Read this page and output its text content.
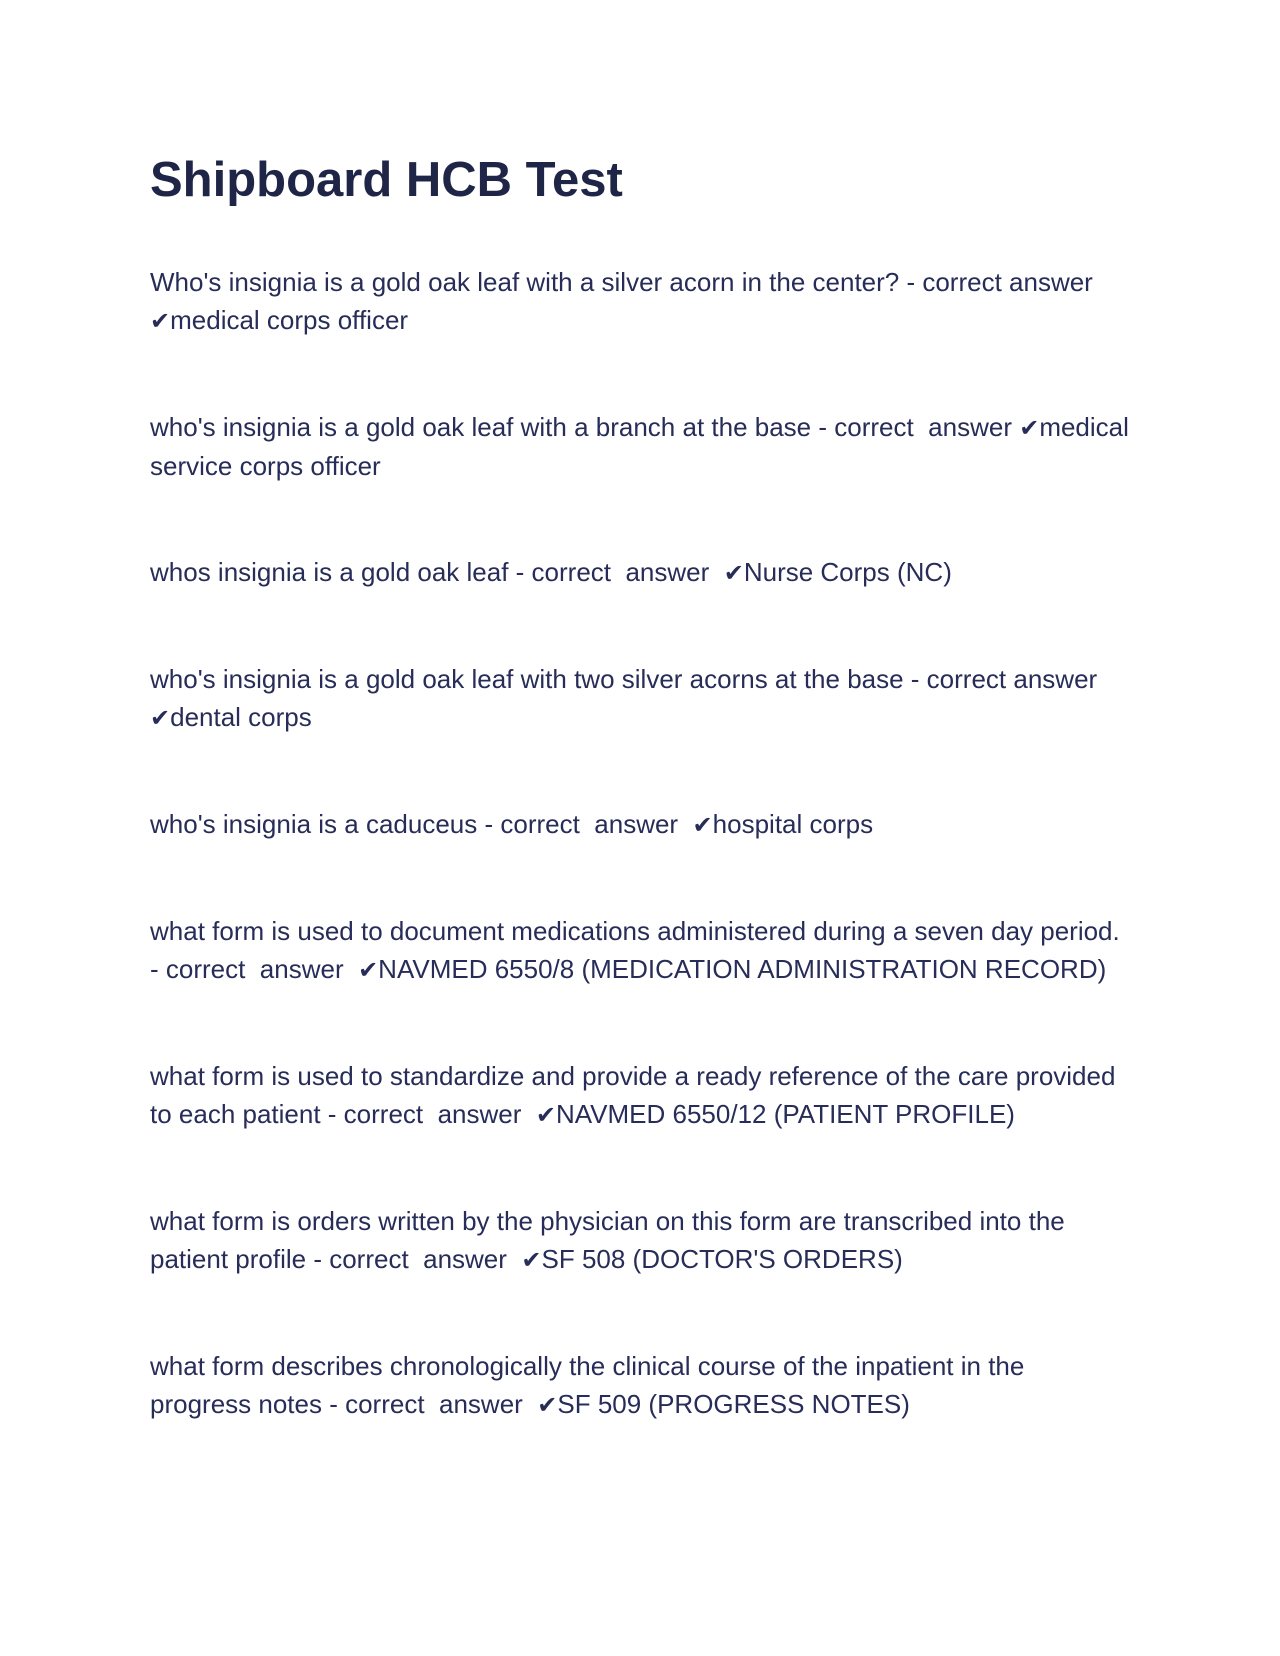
Shipboard HCB Test

Who's insignia is a gold oak leaf with a silver acorn in the center? - correct answer  ✔medical corps officer

who's insignia is a gold oak leaf with a branch at the base - correct  answer ✔medical service corps officer

whos insignia is a gold oak leaf - correct  answer  ✔Nurse Corps (NC)

who's insignia is a gold oak leaf with two silver acorns at the base - correct answer  ✔dental corps

who's insignia is a caduceus - correct  answer  ✔hospital corps

what form is used to document medications administered during a seven day period. - correct  answer  ✔NAVMED 6550/8 (MEDICATION ADMINISTRATION RECORD)

what form is used to standardize and provide a ready reference of the care provided to each patient - correct  answer  ✔NAVMED 6550/12 (PATIENT PROFILE)

what form is orders written by the physician on this form are transcribed into the patient profile - correct  answer  ✔SF 508 (DOCTOR'S ORDERS)

what form describes chronologically the clinical course of the inpatient in the progress notes - correct  answer  ✔SF 509 (PROGRESS NOTES)
